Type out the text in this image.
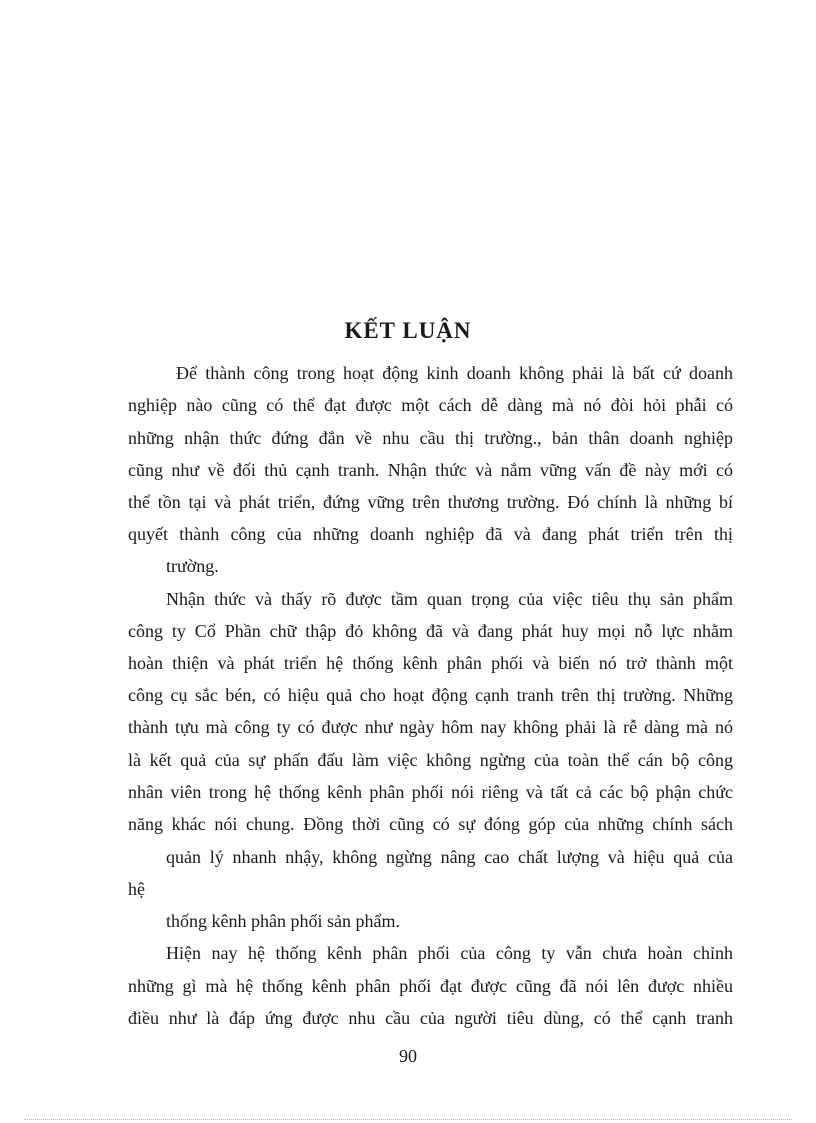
KẾT LUẬN

Để thành công trong hoạt động kinh doanh không phải là bất cứ doanh

nghiệp nào cũng có thể đạt được một cách dễ dàng mà nó đòi hỏi phẫi có

những nhận thức đứng đắn về nhu cầu thị trường., bản thân doanh nghiệp

cũng như về đối thủ cạnh tranh. Nhận thức và nắm vững vấn đề này mới có

thể tồn tại và phát triển, đứng vững trên thương trường. Đó chính là những bí

quyết thành công của những doanh nghiệp đã và đang phát triển trên thị

trường.

Nhận thức và thấy rõ được tầm quan trọng của việc tiêu thụ sản phẩm

công ty Cổ Phần chữ thập đỏ không đã và đang phát huy mọi nỗ lực nhằm

hoàn thiện và phát triển hệ thống kênh phân phối và biến nó trở thành một

công cụ sắc bén, có hiệu quả cho hoạt động cạnh tranh trên thị trường. Những

thành tựu mà công ty có được như ngày hôm nay không phải là rễ dàng mà nó

là kết quả của sự phấn đấu làm việc không ngừng của toàn thể cán bộ công

nhân viên trong hệ thống kênh phân phối nói riêng và tất cả các bộ phận chức

năng khác nói chung. Đồng thời cũng có sự đóng góp của những chính sách

quản lý nhanh nhậy, không ngừng nâng cao chất lượng và hiệu quả của

hệ

thống kênh phân phối sản phẩm.

Hiện nay hệ thống kênh phân phối của công ty vẫn chưa hoàn chỉnh

những gì mà hệ thống kênh phân phối đạt được cũng đã nói lên được nhiều

điều như là đáp ứng được nhu cầu của người tiêu dùng, có thể cạnh tranh

90
